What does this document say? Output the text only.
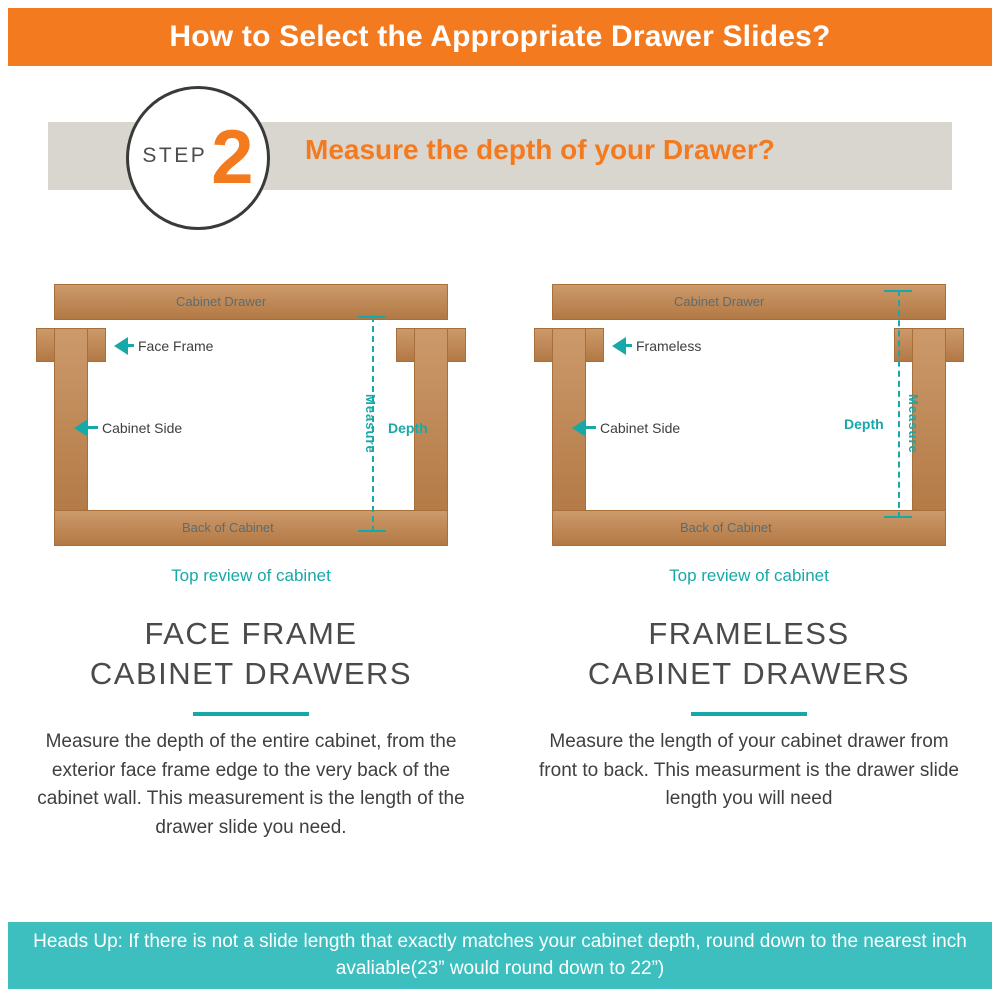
How to Select the Appropriate Drawer Slides?
STEP 2 Measure the depth of your Drawer?
Cabinet Drawer
Back of Cabinet
Face Frame
Cabinet Side	Measure Depth
Top review of cabinet
Cabinet Drawer
Back of Cabinet
Frameless
Cabinet Side	Measure
Depth
Top review of cabinet
FACE FRAME
CABINET DRAWERS
FRAMELESS
CABINET DRAWERS
Measure the depth of the entire cabinet, from the exterior face frame edge to the very back of the cabinet wall. This measurement is the length of the drawer slide you need.
Measure the length of your cabinet drawer from front to back. This measurment is the drawer slide length you will need
Heads Up: If there is not a slide length that exactly matches your cabinet depth, round down to the nearest inch avaliable(23” would round down to 22”)
